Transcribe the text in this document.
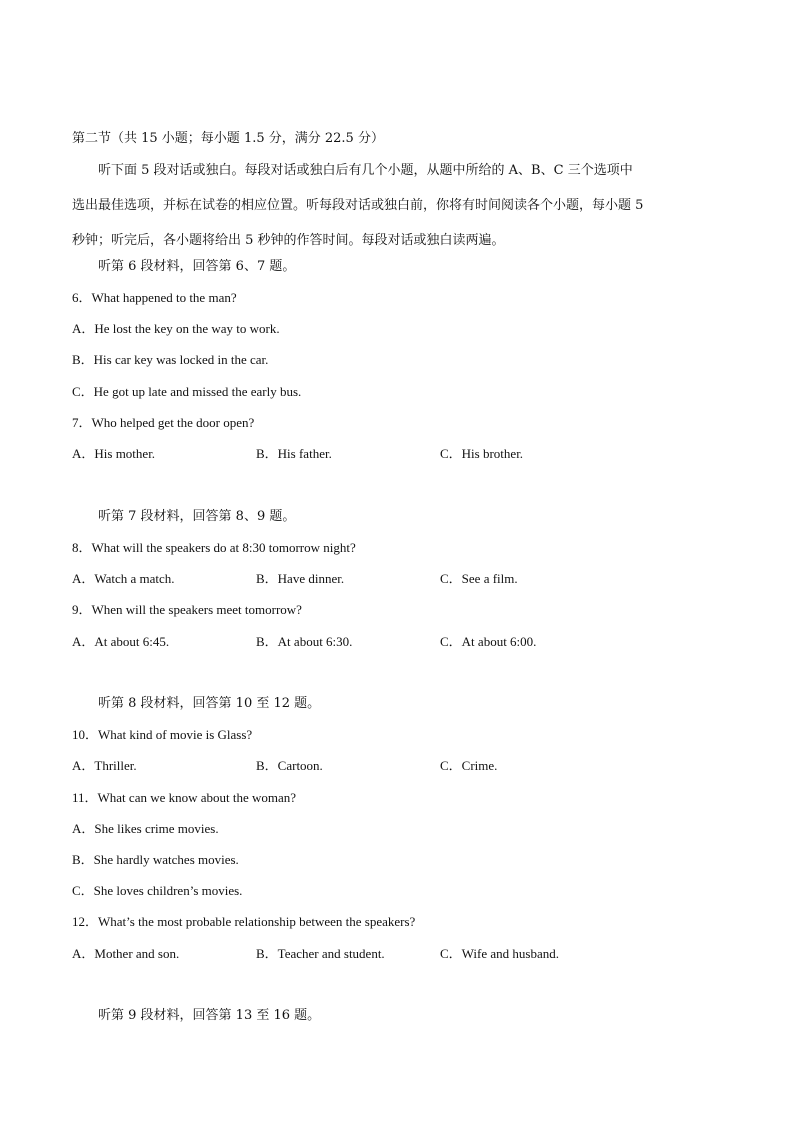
第二节（共 15 小题；每小题 1.5 分，满分 22.5 分）
听下面 5 段对话或独白。每段对话或独白后有几个小题，从题中所给的 A、B、C 三个选项中
选出最佳选项，并标在试卷的相应位置。听每段对话或独白前，你将有时间阅读各个小题，每小题 5
秒钟；听完后，各小题将给出 5 秒钟的作答时间。每段对话或独白读两遍。
听第 6 段材料，回答第 6、7 题。
6．What happened to the man?
A．He lost the key on the way to work.
B．His car key was locked in the car.
C．He got up late and missed the early bus.
7．Who helped get the door open?
A．His mother.	B．His father.	C．His brother.
听第 7 段材料，回答第 8、9 题。
8．What will the speakers do at 8:30 tomorrow night?
A．Watch a match.	B．Have dinner.	C．See a film.
9．When will the speakers meet tomorrow?
A．At about 6:45.	B．At about 6:30.	C．At about 6:00.
听第 8 段材料，回答第 10 至 12 题。
10．What kind of movie is Glass?
A．Thriller.	B．Cartoon.	C．Crime.
11．What can we know about the woman?
A．She likes crime movies.
B．She hardly watches movies.
C．She loves children’s movies.
12．What’s the most probable relationship between the speakers?
A．Mother and son.	B．Teacher and student.	C．Wife and husband.
听第 9 段材料，回答第 13 至 16 题。
